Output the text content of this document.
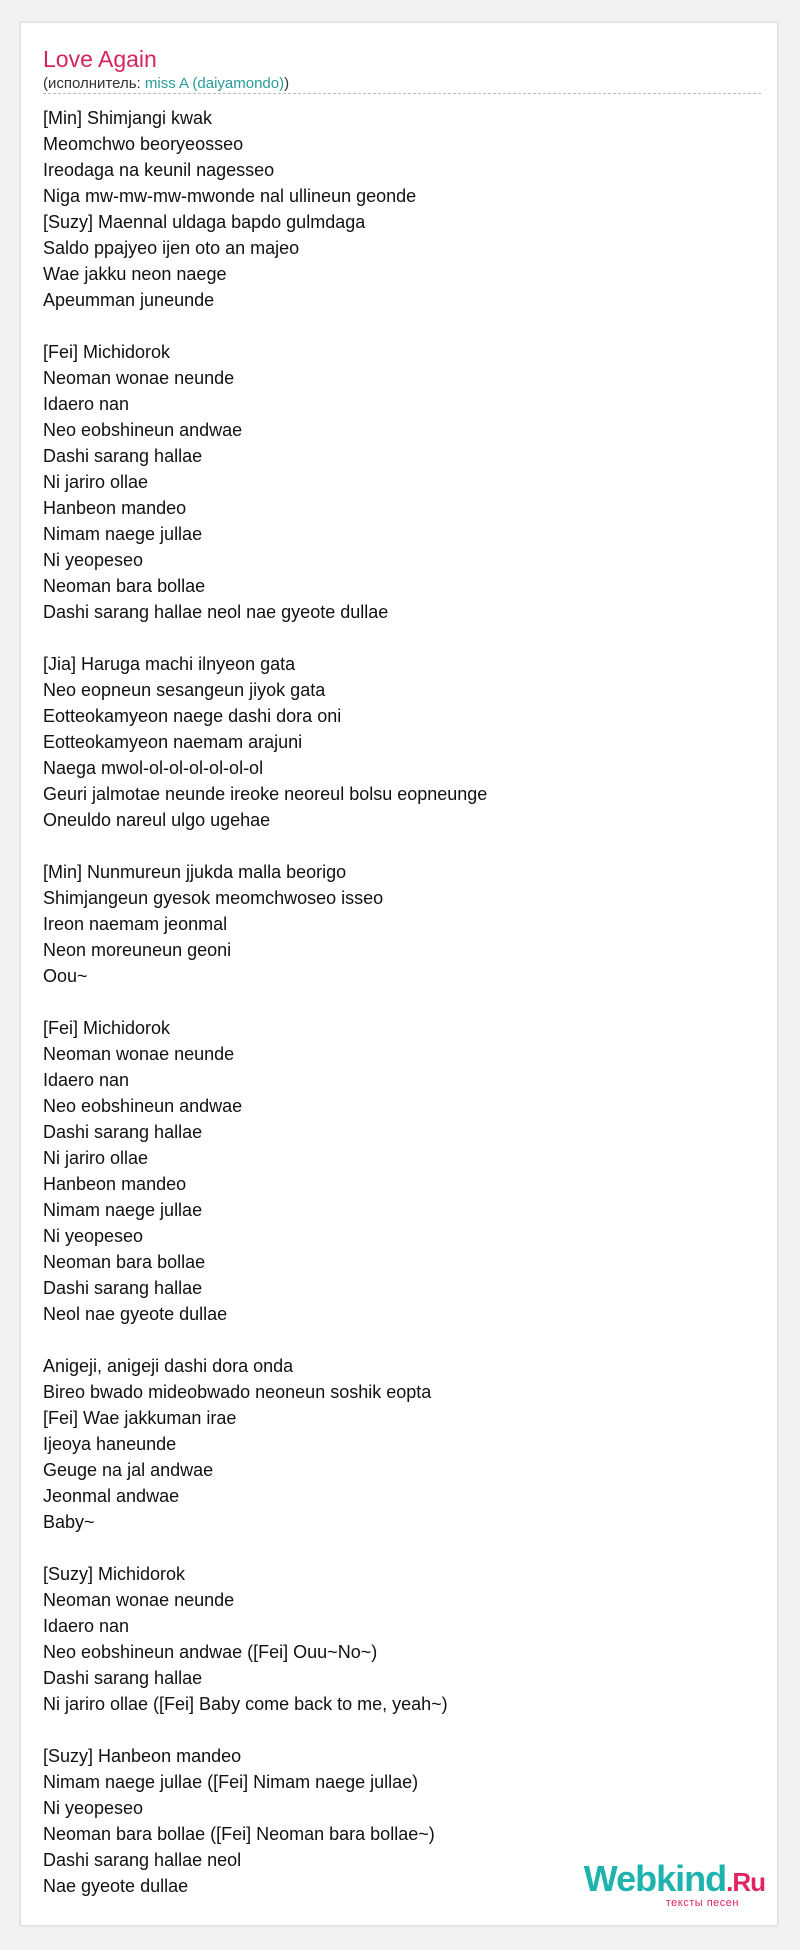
Love Again
(исполнитель: miss A (daiyamondo))
[Min] Shimjangi kwak
Meomchwo beoryeosseo
Ireodaga na keunil nagesseo
Niga mw-mw-mw-mwonde nal ullineun geonde
[Suzy] Maennal uldaga bapdo gulmdaga
Saldo ppajyeo ijen oto an majeo
Wae jakku neon naege
Apeumman juneunde
[Fei] Michidorok
Neoman wonae neunde
Idaero nan
Neo eobshineun andwae
Dashi sarang hallae
Ni jariro ollae
Hanbeon mandeo
Nimam naege jullae
Ni yeopeseo
Neoman bara bollae
Dashi sarang hallae neol nae gyeote dullae
[Jia] Haruga machi ilnyeon gata
Neo eopneun sesangeun jiyok gata
Eotteokamyeon naege dashi dora oni
Eotteokamyeon naemam arajuni
Naega mwol-ol-ol-ol-ol-ol-ol
Geuri jalmotae neunde ireoke neoreul bolsu eopneunge
Oneuldo nareul ulgo ugehae
[Min] Nunmureun jjukda malla beorigo
Shimjangeun gyesok meomchwoseo isseo
Ireon naemam jeonmal
Neon moreuneun geoni
Oou~
[Fei] Michidorok
Neoman wonae neunde
Idaero nan
Neo eobshineun andwae
Dashi sarang hallae
Ni jariro ollae
Hanbeon mandeo
Nimam naege jullae
Ni yeopeseo
Neoman bara bollae
Dashi sarang hallae
Neol nae gyeote dullae
Anigeji, anigeji dashi dora onda
Bireo bwado mideobwado neoneun soshik eopta
[Fei] Wae jakkuman irae
Ijeoya haneunde
Geuge na jal andwae
Jeonmal andwae
Baby~
[Suzy] Michidorok
Neoman wonae neunde
Idaero nan
Neo eobshineun andwae ([Fei] Ouu~No~)
Dashi sarang hallae
Ni jariro ollae ([Fei] Baby come back to me, yeah~)
[Suzy] Hanbeon mandeo
Nimam naege jullae ([Fei] Nimam naege jullae)
Ni yeopeseo
Neoman bara bollae ([Fei] Neoman bara bollae~)
Dashi sarang hallae neol
Nae gyeote dullae	Webkind.Ru
тексты песен
